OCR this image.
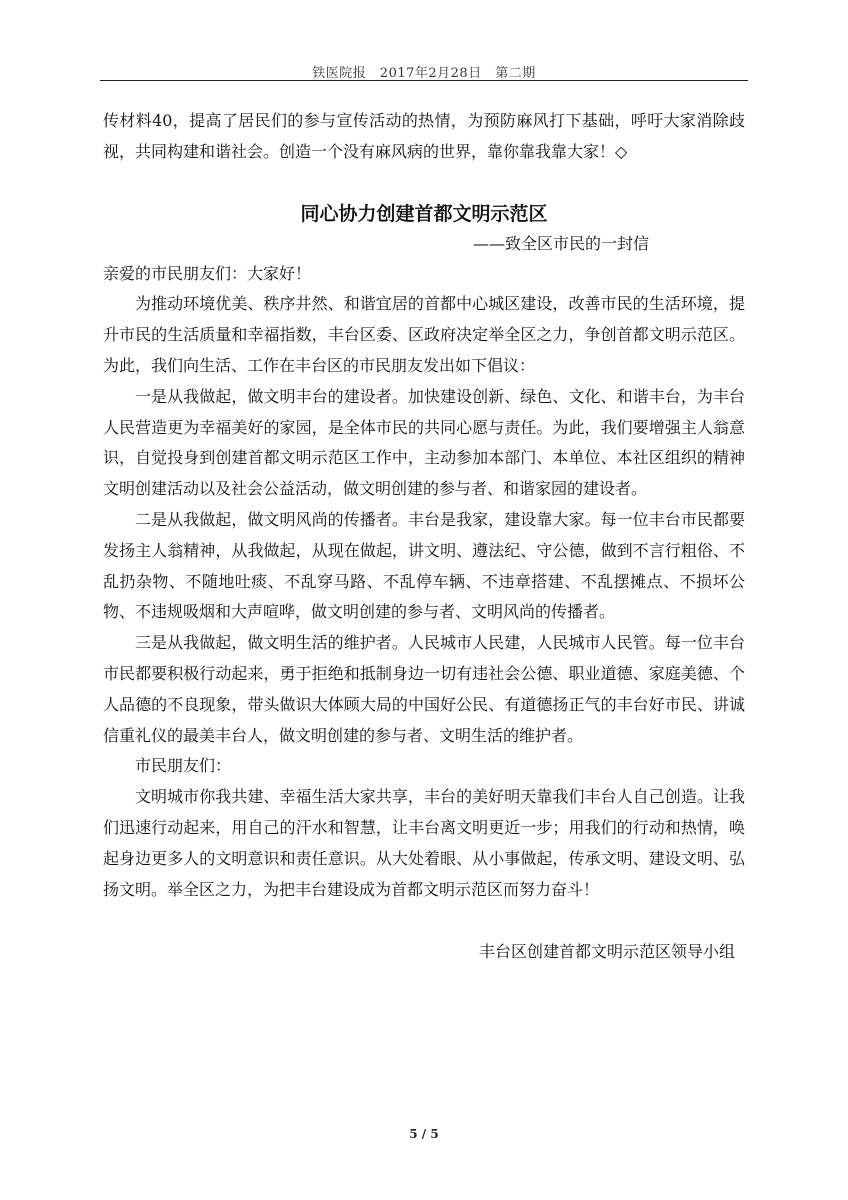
铁医院报　2017年2月28日　第二期

传材料40，提高了居民们的参与宣传活动的热情，为预防麻风打下基础，呼吁大家消除歧视，共同构建和谐社会。创造一个没有麻风病的世界，靠你靠我靠大家！◇

同心协力创建首都文明示范区

——致全区市民的一封信

亲爱的市民朋友们：大家好！

为推动环境优美、秩序井然、和谐宜居的首都中心城区建设，改善市民的生活环境，提升市民的生活质量和幸福指数，丰台区委、区政府决定举全区之力，争创首都文明示范区。为此，我们向生活、工作在丰台区的市民朋友发出如下倡议：

一是从我做起，做文明丰台的建设者。加快建设创新、绿色、文化、和谐丰台，为丰台人民营造更为幸福美好的家园，是全体市民的共同心愿与责任。为此，我们要增强主人翁意识，自觉投身到创建首都文明示范区工作中，主动参加本部门、本单位、本社区组织的精神文明创建活动以及社会公益活动，做文明创建的参与者、和谐家园的建设者。

二是从我做起，做文明风尚的传播者。丰台是我家，建设靠大家。每一位丰台市民都要发扬主人翁精神，从我做起，从现在做起，讲文明、遵法纪、守公德，做到不言行粗俗、不乱扔杂物、不随地吐痰、不乱穿马路、不乱停车辆、不违章搭建、不乱摆摊点、不损坏公物、不违规吸烟和大声喧哗，做文明创建的参与者、文明风尚的传播者。

三是从我做起，做文明生活的维护者。人民城市人民建，人民城市人民管。每一位丰台市民都要积极行动起来，勇于拒绝和抵制身边一切有违社会公德、职业道德、家庭美德、个人品德的不良现象，带头做识大体顾大局的中国好公民、有道德扬正气的丰台好市民、讲诚信重礼仪的最美丰台人，做文明创建的参与者、文明生活的维护者。

市民朋友们：

文明城市你我共建、幸福生活大家共享，丰台的美好明天靠我们丰台人自己创造。让我们迅速行动起来，用自己的汗水和智慧，让丰台离文明更近一步；用我们的行动和热情，唤起身边更多人的文明意识和责任意识。从大处着眼、从小事做起，传承文明、建设文明、弘扬文明。举全区之力，为把丰台建设成为首都文明示范区而努力奋斗！

丰台区创建首都文明示范区领导小组

5 / 5
